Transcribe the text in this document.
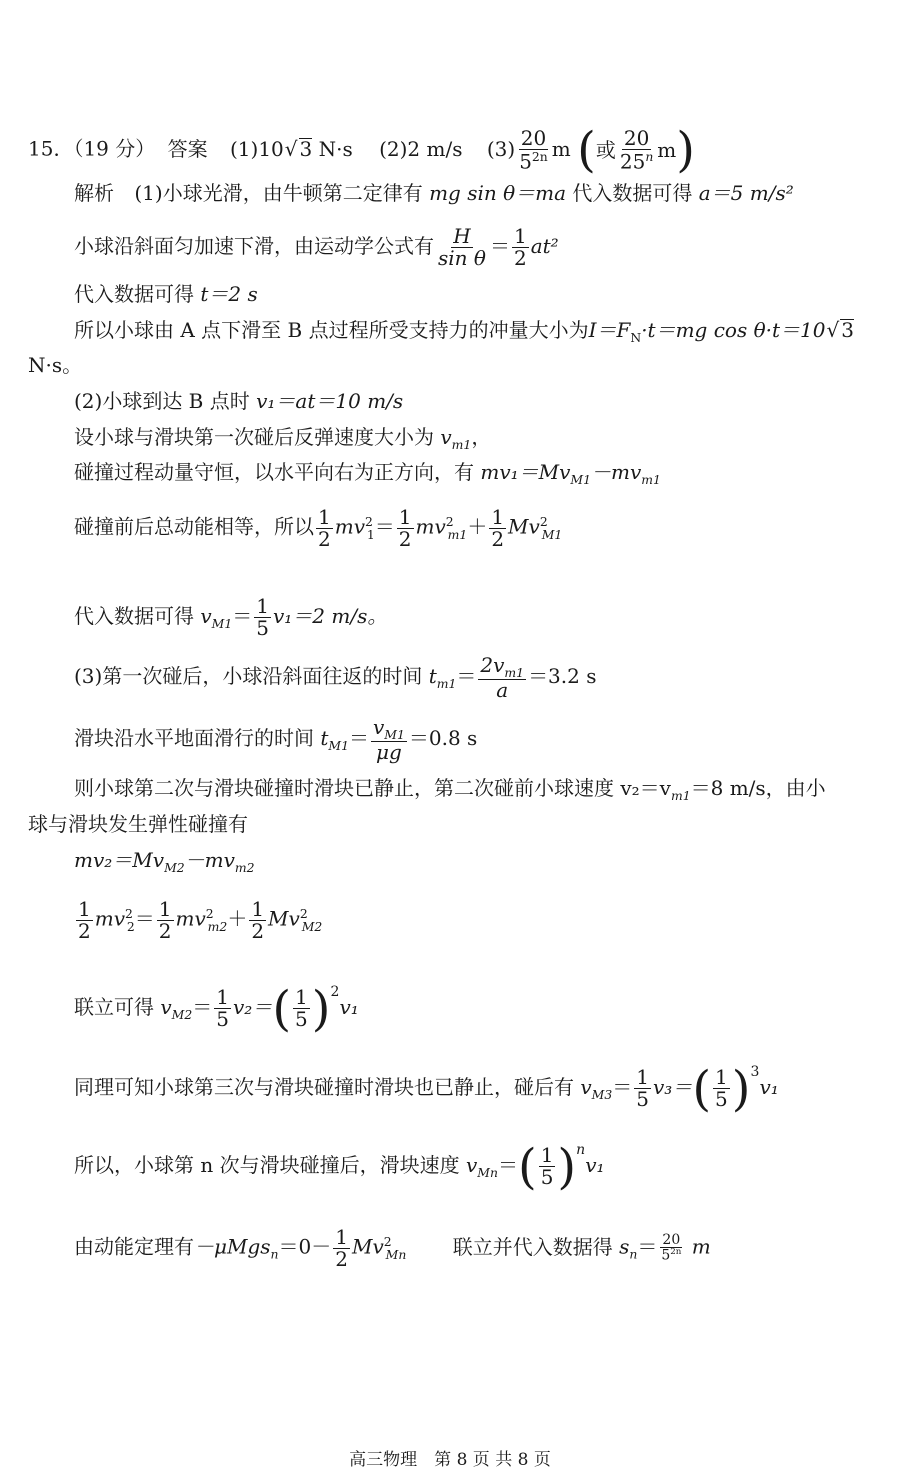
15．（19 分） 答案 (1)10√ 3 N·s (2)2 m/s $(3) \frac{20}{5^{2n}}$ m ( 或 $\frac{20}{25^n}$ m )
解析 (1)小球光滑，由牛顿第二定律有 mg sin θ＝ma 代入数据可得 a＝5 m/s²
小球沿斜面匀加速下滑，由运动学公式有 $\frac{H}{\text{sin θ}} = \frac{1}{2} at^2$
代入数据可得 t＝2 s
所以小球由 A 点下滑至 B 点过程所受支持力的冲量大小为$I=F_N\cdot t=mg$ cos θ·t＝10√ 3
N·s。
(2)小球到达 B 点时 v₁＝at＝10 m/s
设小球与滑块第一次碰后反弹速度大小为 $v_{m1}$，
碰撞过程动量守恒，以水平向右为正方向，有 $mv_1=Mv_{M1}-mv_{m1}$
碰撞前后总动能相等，所以 $\frac{1}{2} mv^2_1= \frac{1}{2} mv^2_{m1}+ \frac{1}{2} Mv^2_{M1}$
代入数据可得 $v_{M1}= \frac{1}{5} v_1=2$ m/s。
(3)第一次碰后，小球沿斜面往返的时间 $t_{m1}= \frac{2v_{m1}}{a} =3.2$ s
滑块沿水平地面滑行的时间 $t_{M1}= \frac{v_{M1}}{\mu g} =0.8$ s
则小球第二次与滑块碰撞时滑块已静止，第二次碰前小球速度 $v_2=v_{m1}=8$ m/s，由小
球与滑块发生弹性碰撞有
$mv_2=Mv_{M2}-mv_{m2}$
$\frac{1}{2} mv^2_2= \frac{1}{2} mv^2_{m2}+ \frac{1}{2} Mv^2_{M2}$
联立可得 $v_{M2}= \frac{1}{5} v_2=$ ( $\frac{1}{5}$ ) $^2$v₁
同理可知小球第三次与滑块碰撞时滑块也已静止，碰后有 $v_{M3}= \frac{1}{5} v_3=$ ( $\frac{1}{5}$ ) $^3$v₁
所以，小球第 n 次与滑块碰撞后，滑块速度 $v_{Mn}=$ ( $\frac{1}{5}$ ) $^n$v₁
由动能定理有$-\mu Mgs_n=0- \frac{1}{2} Mv^2_{Mn}$ 联立并代入数据得 $s_n= \frac{20}{5^{2n}}$ m
高三物理　第 8 页 共 8 页
